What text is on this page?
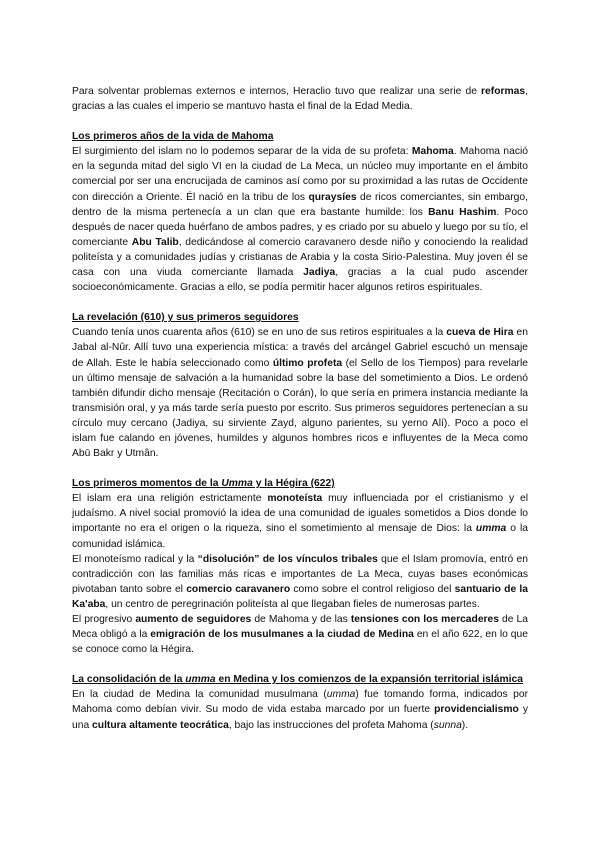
Para solventar problemas externos e internos, Heraclio tuvo que realizar una serie de reformas, gracias a las cuales el imperio se mantuvo hasta el final de la Edad Media.

Los primeros años de la vida de Mahoma

El surgimiento del islam no lo podemos separar de la vida de su profeta: Mahoma. Mahoma nació en la segunda mitad del siglo VI en la ciudad de La Meca, un núcleo muy importante en el ámbito comercial por ser una encrucijada de caminos así como por su proximidad a las rutas de Occidente con dirección a Oriente. Él nació en la tribu de los quraysíes de ricos comerciantes, sin embargo, dentro de la misma pertenecía a un clan que era bastante humilde: los Banu Hashim. Poco después de nacer queda huérfano de ambos padres, y es criado por su abuelo y luego por su tío, el comerciante Abu Talib, dedicándose al comercio caravanero desde niño y conociendo la realidad politeísta y a comunidades judías y cristianas de Arabia y la costa Sirio-Palestina. Muy joven él se casa con una viuda comerciante llamada Jadiya, gracias a la cual pudo ascender socioeconómicamente. Gracias a ello, se podía permitir hacer algunos retiros espirituales.

La revelación (610) y sus primeros seguidores

Cuando tenía unos cuarenta años (610) se en uno de sus retiros espirituales a la cueva de Hira en Jabal al-Nûr. Allí tuvo una experiencia mística: a través del arcángel Gabriel escuchó un mensaje de Allah. Este le había seleccionado como último profeta (el Sello de los Tiempos) para revelarle un último mensaje de salvación a la humanidad sobre la base del sometimiento a Dios. Le ordenó también difundir dicho mensaje (Recitación o Corán), lo que sería en primera instancia mediante la transmisión oral, y ya más tarde sería puesto por escrito. Sus primeros seguidores pertenecían a su círculo muy cercano (Jadiya, su sirviente Zayd, alguno parientes, su yerno Alí). Poco a poco el islam fue calando en jóvenes, humildes y algunos hombres ricos e influyentes de la Meca como Abū Bakr y Utmân.

Los primeros momentos de la Umma y la Hégira (622)

El islam era una religión estrictamente monoteísta muy influenciada por el cristianismo y el judaísmo. A nivel social promovió la idea de una comunidad de iguales sometidos a Dios donde lo importante no era el origen o la riqueza, sino el sometimiento al mensaje de Dios: la umma o la comunidad islámica.

El monoteísmo radical y la “disolución” de los vínculos tribales que el Islam promovía, entró en contradicción con las familias más ricas e importantes de La Meca, cuyas bases económicas pivotaban tanto sobre el comercio caravanero como sobre el control religioso del santuario de la Ka'aba, un centro de peregrinación politeísta al que llegaban fieles de numerosas partes.

El progresivo aumento de seguidores de Mahoma y de las tensiones con los mercaderes de La Meca obligó a la emigración de los musulmanes a la ciudad de Medina en el año 622, en lo que se conoce como la Hégira.

La consolidación de la umma en Medina y los comienzos de la expansión territorial islámica

En la ciudad de Medina la comunidad musulmana (umma) fue tomando forma, indicados por Mahoma como debían vivir. Su modo de vida estaba marcado por un fuerte providencialismo y una cultura altamente teocrática, bajo las instrucciones del profeta Mahoma (sunna).
